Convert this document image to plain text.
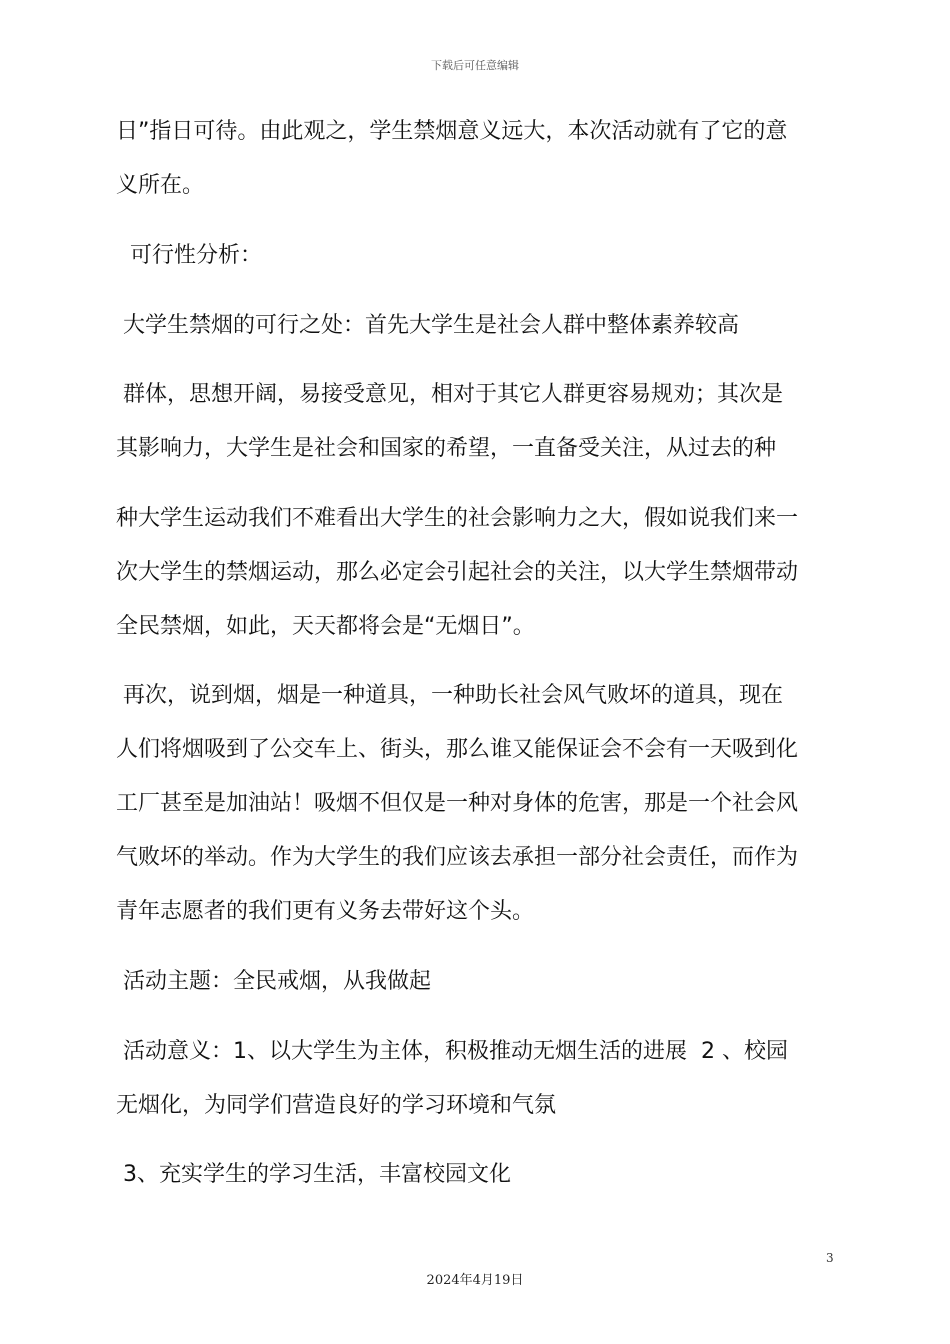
下载后可任意编辑
日”指日可待。由此观之，学生禁烟意义远大，本次活动就有了它的意
义所在。
可行性分析：
大学生禁烟的可行之处：首先大学生是社会人群中整体素养较高
群体，思想开阔，易接受意见，相对于其它人群更容易规劝；其次是
其影响力，大学生是社会和国家的希望，一直备受关注，从过去的种
种大学生运动我们不难看出大学生的社会影响力之大，假如说我们来一
次大学生的禁烟运动，那么必定会引起社会的关注，以大学生禁烟带动
全民禁烟，如此，天天都将会是“无烟日”。
再次，说到烟，烟是一种道具，一种助长社会风气败坏的道具，现在
人们将烟吸到了公交车上、街头，那么谁又能保证会不会有一天吸到化
工厂甚至是加油站！吸烟不但仅是一种对身体的危害，那是一个社会风
气败坏的举动。作为大学生的我们应该去承担一部分社会责任，而作为
青年志愿者的我们更有义务去带好这个头。
活动主题：全民戒烟，从我做起
活动意义：1、以大学生为主体，积极推动无烟生活的进展  2 、校园
无烟化，为同学们营造良好的学习环境和气氛
3、充实学生的学习生活，丰富校园文化
3
2024年4月19日
